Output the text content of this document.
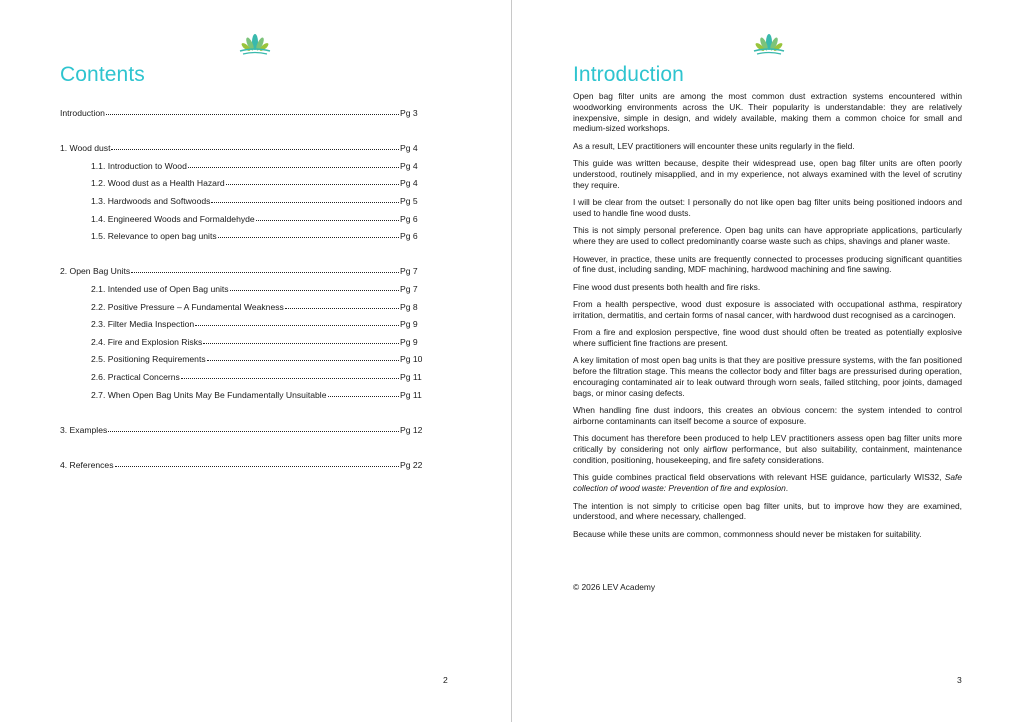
Contents
Introduction	Pg 3
1. Wood dust	Pg 4
1.1. Introduction to Wood	Pg 4
1.2. Wood dust as a Health Hazard	Pg 4
1.3. Hardwoods and Softwoods	Pg 5
1.4. Engineered Woods and Formaldehyde	Pg 6
1.5. Relevance to open bag units	Pg 6
2. Open Bag Units	Pg 7
2.1. Intended use of Open Bag units	Pg 7
2.2. Positive Pressure – A Fundamental Weakness	Pg 8
2.3. Filter Media Inspection	Pg 9
2.4. Fire and Explosion Risks	Pg 9
2.5. Positioning Requirements	Pg 10
2.6. Practical Concerns	Pg 11
2.7. When Open Bag Units May Be Fundamentally Unsuitable	Pg 11
3. Examples	Pg 12
4. References	Pg 22
2
Introduction

Open bag filter units are among the most common dust extraction systems encountered within woodworking environments across the UK. Their popularity is understandable: they are relatively inexpensive, simple in design, and widely available, making them a common choice for small and medium-sized workshops.

As a result, LEV practitioners will encounter these units regularly in the field.

This guide was written because, despite their widespread use, open bag filter units are often poorly understood, routinely misapplied, and in my experience, not always examined with the level of scrutiny they require.

I will be clear from the outset: I personally do not like open bag filter units being positioned indoors and used to handle fine wood dusts.

This is not simply personal preference. Open bag units can have appropriate applications, particularly where they are used to collect predominantly coarse waste such as chips, shavings and planer waste.

However, in practice, these units are frequently connected to processes producing significant quantities of fine dust, including sanding, MDF machining, hardwood machining and fine sawing.

Fine wood dust presents both health and fire risks.

From a health perspective, wood dust exposure is associated with occupational asthma, respiratory irritation, dermatitis, and certain forms of nasal cancer, with hardwood dust recognised as a carcinogen.

From a fire and explosion perspective, fine wood dust should often be treated as potentially explosive where sufficient fine fractions are present.

A key limitation of most open bag units is that they are positive pressure systems, with the fan positioned before the filtration stage. This means the collector body and filter bags are pressurised during operation, encouraging contaminated air to leak outward through worn seals, failed stitching, poor joints, damaged bags, or minor casing defects.

When handling fine dust indoors, this creates an obvious concern: the system intended to control airborne contaminants can itself become a source of exposure.

This document has therefore been produced to help LEV practitioners assess open bag filter units more critically by considering not only airflow performance, but also suitability, containment, maintenance condition, positioning, housekeeping, and fire safety considerations.

This guide combines practical field observations with relevant HSE guidance, particularly WIS32, Safe collection of wood waste: Prevention of fire and explosion.

The intention is not simply to criticise open bag filter units, but to improve how they are examined, understood, and where necessary, challenged.

Because while these units are common, commonness should never be mistaken for suitability.

© 2026 LEV Academy
3
